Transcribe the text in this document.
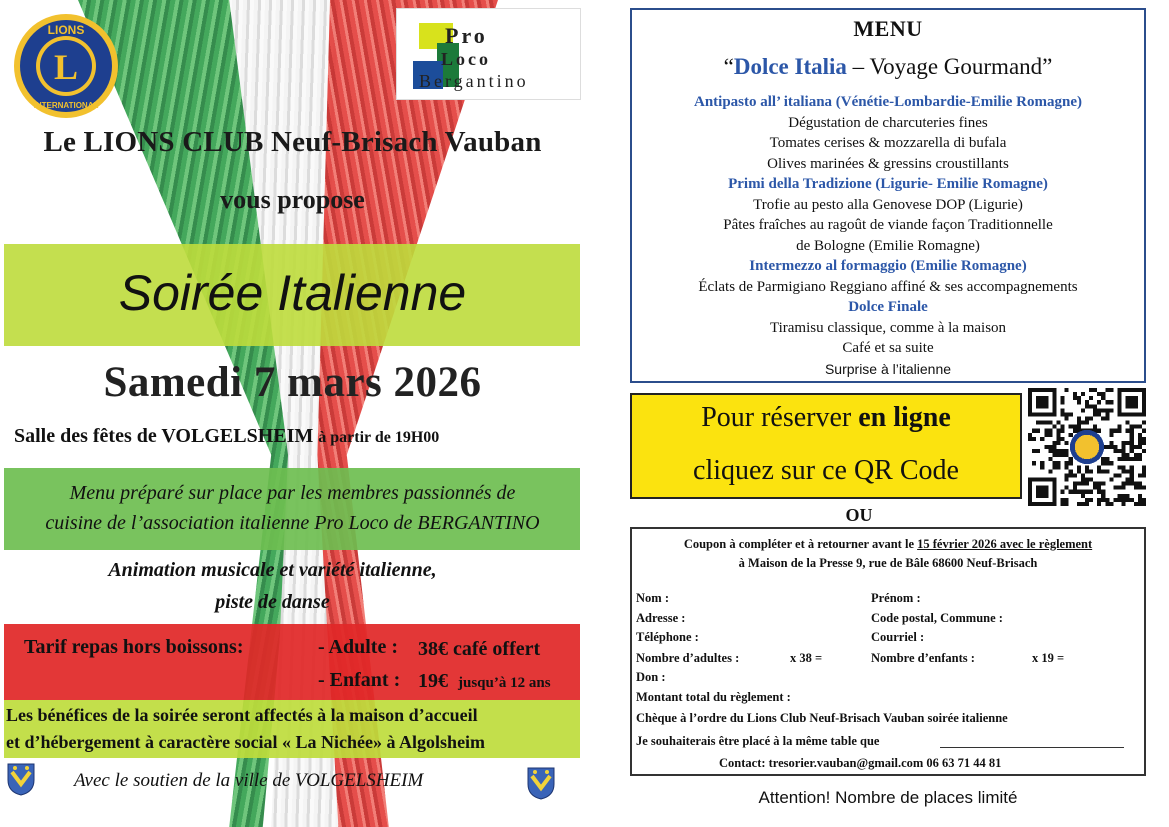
L
LIONS
INTERNATIONAL
Pro
Loco
Bergantino
Le LIONS CLUB Neuf-Brisach Vauban
vous propose
Soirée Italienne
Samedi 7 mars 2026
Salle des fêtes de VOLGELSHEIM à partir de 19H00
Menu préparé sur place par les membres passionnés de
cuisine de l’association italienne Pro Loco de BERGANTINO
Animation musicale et variété italienne,
piste de danse
Tarif repas hors boissons:	- Adulte : 38€ café offert
- Enfant : 19€ jusqu’à 12 ans
Les bénéfices de la soirée seront affectés à la maison d’accueil
et d’hébergement à caractère social « La Nichée» à Algolsheim
Avec le soutien de la ville de VOLGELSHEIM
MENU
“Dolce Italia – Voyage Gourmand”
Antipasto all’ italiana (Vénétie-Lombardie-Emilie Romagne)
Dégustation de charcuteries fines
Tomates cerises & mozzarella di bufala
Olives marinées & gressins croustillants
Primi della Tradizione (Ligurie- Emilie Romagne)
Trofie au pesto alla Genovese DOP (Ligurie)
Pâtes fraîches au ragoût de viande façon Traditionnelle
de Bologne (Emilie Romagne)
Intermezzo al formaggio (Emilie Romagne)
Éclats de Parmigiano Reggiano affiné & ses accompagnements
Dolce Finale
Tiramisu classique, comme à la maison
Café et sa suite
Surprise à l’italienne
Pour réserver en ligne
cliquez sur ce QR Code
OU
Coupon à compléter et à retourner avant le 15 février 2026 avec le règlement
à Maison de la Presse 9, rue de Bâle 68600 Neuf-Brisach
Nom :	Prénom :
Adresse :	Code postal, Commune :
Téléphone :	Courriel :
Nombre d’adultes :	x 38 =	Nombre d’enfants :	x 19 =
Don :
Montant total du règlement :
Chèque à l’ordre du Lions Club Neuf-Brisach Vauban soirée italienne
Je souhaiterais être placé à la même table que
Contact: tresorier.vauban@gmail.com 06 63 71 44 81
Attention! Nombre de places limité
